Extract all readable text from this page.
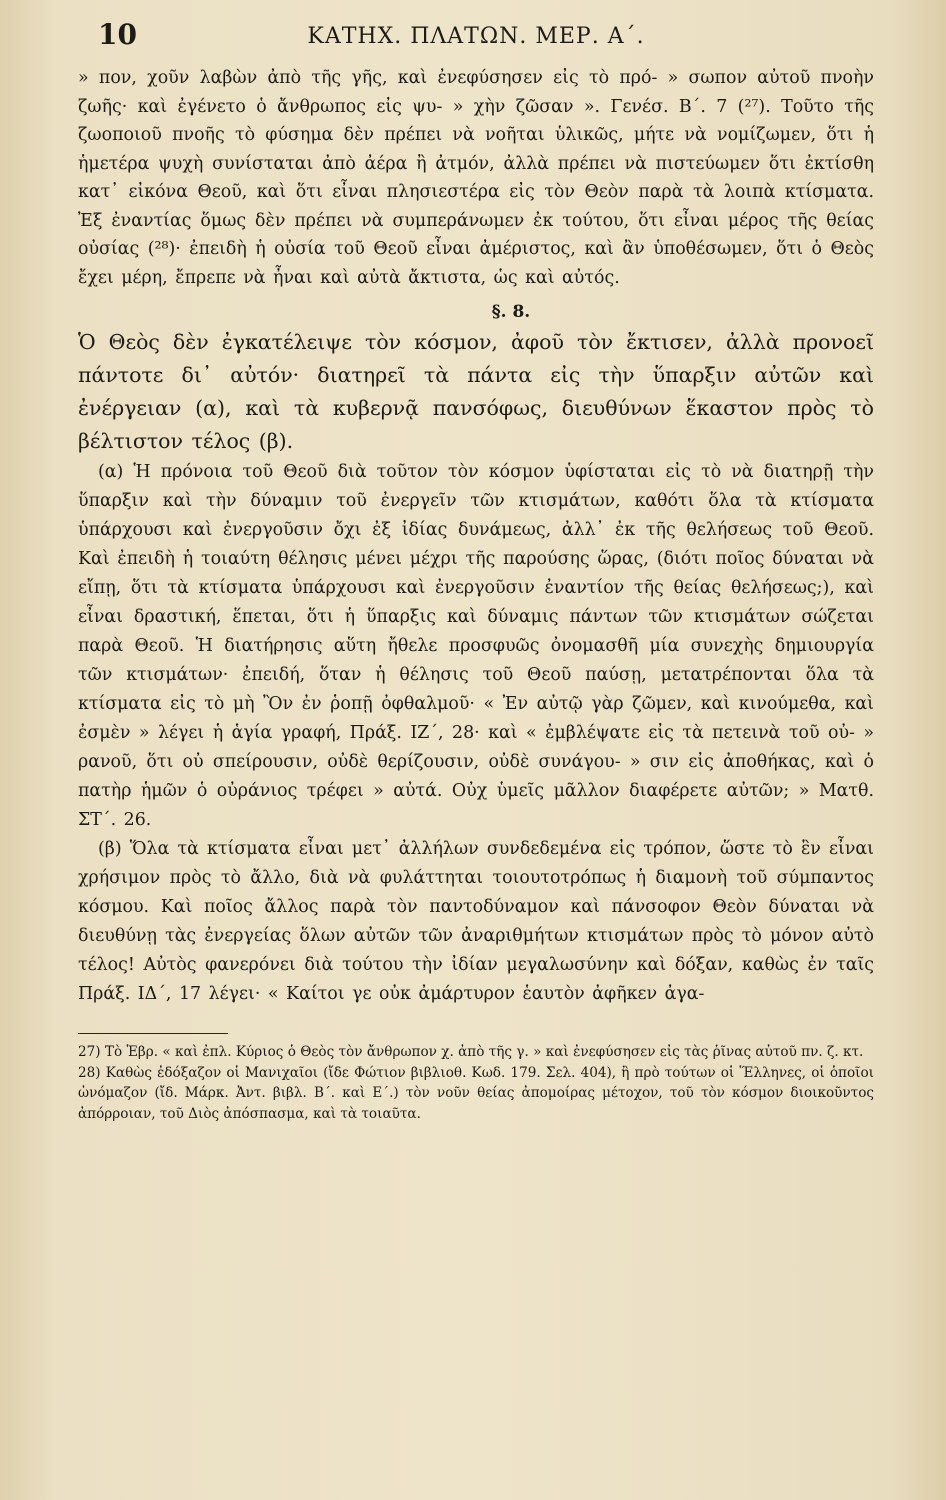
10	ΚΑΤΗΧ. ΠΛΑΤΩΝ. ΜΕΡ. Α΄.

» πον, χοῦν λαβὼν ἀπὸ τῆς γῆς, καὶ ἐνεφύσησεν εἰς τὸ πρό- » σωπον αὐτοῦ πνοὴν ζωῆς· καὶ ἐγένετο ὁ ἄνθρωπος εἰς ψυ- » χὴν ζῶσαν ». Γενέσ. Β΄. 7 (²⁷). Τοῦτο τῆς ζωοποιοῦ πνοῆς τὸ φύσημα δὲν πρέπει νὰ νοῆται ὑλικῶς, μήτε νὰ νομίζωμεν, ὅτι ἡ ἡμετέρα ψυχὴ συνίσταται ἀπὸ ἀέρα ἢ ἀτμόν, ἀλλὰ πρέπει νὰ πιστεύωμεν ὅτι ἐκτίσθη κατ᾽ εἰκόνα Θεοῦ, καὶ ὅτι εἶναι πλησιεστέρα εἰς τὸν Θεὸν παρὰ τὰ λοιπὰ κτίσματα. Ἐξ ἐναντίας ὅμως δὲν πρέπει νὰ συμπεράνωμεν ἐκ τούτου, ὅτι εἶναι μέρος τῆς θείας οὐσίας (²⁸)· ἐπειδὴ ἡ οὐσία τοῦ Θεοῦ εἶναι ἀμέριστος, καὶ ἂν ὑποθέσωμεν, ὅτι ὁ Θεὸς ἔχει μέρη, ἔπρεπε νὰ ἦναι καὶ αὐτὰ ἄκτιστα, ὡς καὶ αὐτός.

§. 8.

Ὁ Θεὸς δὲν ἐγκατέλειψε τὸν κόσμον, ἀφοῦ τὸν ἔκτισεν, ἀλλὰ προνοεῖ πάντοτε δι᾽ αὐτόν· διατηρεῖ τὰ πάντα εἰς τὴν ὕπαρξιν αὐτῶν καὶ ἐνέργειαν (α), καὶ τὰ κυβερνᾷ πανσόφως, διευθύνων ἕκαστον πρὸς τὸ βέλτιστον τέλος (β).

(α) Ἡ πρόνοια τοῦ Θεοῦ διὰ τοῦτον τὸν κόσμον ὑφίσταται εἰς τὸ νὰ διατηρῇ τὴν ὕπαρξιν καὶ τὴν δύναμιν τοῦ ἐνεργεῖν τῶν κτισμάτων, καθότι ὅλα τὰ κτίσματα ὑπάρχουσι καὶ ἐνεργοῦσιν ὄχι ἐξ ἰδίας δυνάμεως, ἀλλ᾽ ἐκ τῆς θελήσεως τοῦ Θεοῦ. Καὶ ἐπειδὴ ἡ τοιαύτη θέλησις μένει μέχρι τῆς παρούσης ὥρας, (διότι ποῖος δύναται νὰ εἴπῃ, ὅτι τὰ κτίσματα ὑπάρχουσι καὶ ἐνεργοῦσιν ἐναντίον τῆς θείας θελήσεως;), καὶ εἶναι δραστική, ἕπεται, ὅτι ἡ ὕπαρξις καὶ δύναμις πάντων τῶν κτισμάτων σώζεται παρὰ Θεοῦ. Ἡ διατήρησις αὕτη ἤθελε προσφυῶς ὀνομασθῆ μία συνεχὴς δημιουργία τῶν κτισμάτων· ἐπειδή, ὅταν ἡ θέλησις τοῦ Θεοῦ παύσῃ, μετατρέπονται ὅλα τὰ κτίσματα εἰς τὸ μὴ Ὂν ἐν ῥοπῇ ὀφθαλμοῦ· « Ἐν αὐτῷ γὰρ ζῶμεν, καὶ κινούμεθα, καὶ ἐσμὲν » λέγει ἡ ἁγία γραφή, Πράξ. ΙΖ΄, 28· καὶ « ἐμβλέψατε εἰς τὰ πετεινὰ τοῦ οὐ- » ρανοῦ, ὅτι οὐ σπείρουσιν, οὐδὲ θερίζουσιν, οὐδὲ συνάγου- » σιν εἰς ἀποθήκας, καὶ ὁ πατὴρ ἡμῶν ὁ οὐράνιος τρέφει » αὐτά. Οὐχ ὑμεῖς μᾶλλον διαφέρετε αὐτῶν; » Ματθ. ΣΤ΄. 26.

(β) Ὅλα τὰ κτίσματα εἶναι μετ᾽ ἀλλήλων συνδεδεμένα εἰς τρόπον, ὥστε τὸ ἓν εἶναι χρήσιμον πρὸς τὸ ἄλλο, διὰ νὰ φυλάττηται τοιουτοτρόπως ἡ διαμονὴ τοῦ σύμπαντος κόσμου. Καὶ ποῖος ἄλλος παρὰ τὸν παντοδύναμον καὶ πάνσοφον Θεὸν δύναται νὰ διευθύνῃ τὰς ἐνεργείας ὅλων αὐτῶν τῶν ἀναριθμήτων κτισμάτων πρὸς τὸ μόνον αὐτὸ τέλος! Αὐτὸς φανερόνει διὰ τούτου τὴν ἰδίαν μεγαλωσύνην καὶ δόξαν, καθὼς ἐν ταῖς Πράξ. ΙΔ΄, 17 λέγει· « Καίτοι γε οὐκ ἀμάρτυρον ἑαυτὸν ἀφῆκεν ἀγα-

27) Τὸ Ἑβρ. « καὶ ἐπλ. Κύριος ὁ Θεὸς τὸν ἄνθρωπον χ. ἀπὸ τῆς γ. » καὶ ἐνεφύσησεν εἰς τὰς ῥῖνας αὐτοῦ πν. ζ. κτ.
28) Καθὼς ἐδόξαζον οἱ Μανιχαῖοι (ἴδε Φώτιον βιβλιοθ. Κωδ. 179. Σελ. 404), ἢ πρὸ τούτων οἱ Ἕλληνες, οἱ ὁποῖοι ὠνόμαζον (ἴδ. Μάρκ. Ἀντ. βιβλ. Β΄. καὶ Ε΄.) τὸν νοῦν θείας ἀπομοίρας μέτοχον, τοῦ τὸν κόσμον διοικοῦντος ἀπόρροιαν, τοῦ Διὸς ἀπόσπασμα, καὶ τὰ τοιαῦτα.
